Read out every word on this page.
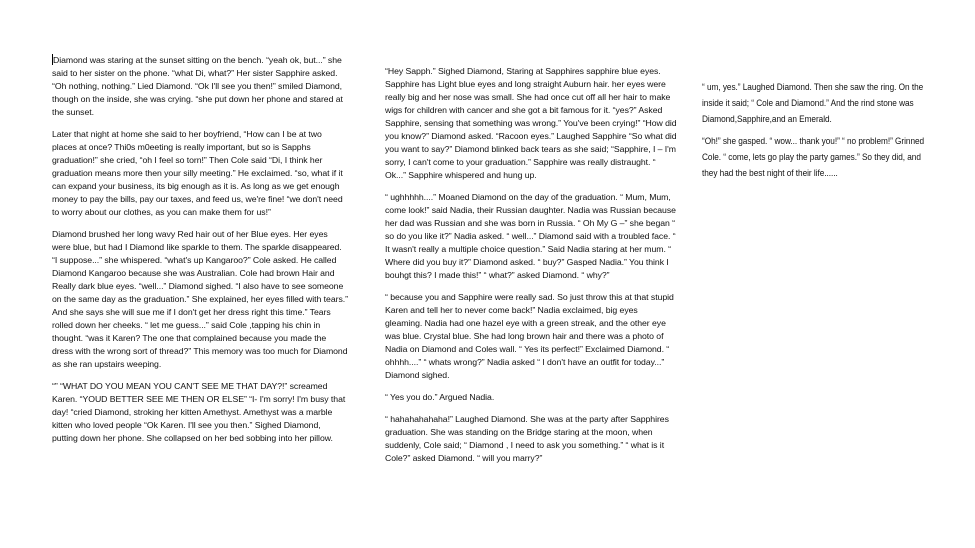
Diamond was staring at the sunset sitting on the bench. “yeah ok, but...” she said to her sister on the phone. “what Di, what?” Her sister Sapphire asked. “Oh nothing, nothing.” Lied Diamond. “Ok I'll see you then!” smiled Diamond, though on the inside, she was crying. “she put down her phone and stared at the sunset.

Later that night at home she said to her boyfriend, “How can I be at two places at once? Thi0s m0eeting is really important, but so is Sapphs graduation!” she cried, “oh I feel so torn!” Then Cole said “Di, I think her graduation means more then your silly meeting.” He exclaimed. “so, what if it can expand your business, its big enough as it is. As long as we get enough money to pay the bills, pay our taxes, and feed us, we're fine! “we don't need to worry about our clothes, as you can make them for us!”

Diamond brushed her long wavy Red hair out of her Blue eyes. Her eyes were blue, but had I Diamond like sparkle to them. The sparkle disappeared. “I suppose...” she whispered. “what's up Kangaroo?” Cole asked. He called Diamond Kangaroo because she was Australian. Cole had brown Hair and Really dark blue eyes. “well...” Diamond sighed. “I also have to see someone on the same day as the graduation.” She explained, her eyes filled with tears.” And she says she will sue me if I don't get her dress right this time.” Tears rolled down her cheeks. “ let me guess...” said Cole ,tapping his chin in thought. “was it Karen? The one that complained because you made the dress with the wrong sort of thread?” This memory was too much for Diamond as she ran upstairs weeping.

“” “WHAT DO YOU MEAN YOU CAN'T SEE ME THAT DAY?!” screamed Karen. “YOUD BETTER SEE ME THEN OR ELSE” “I- I'm sorry! I'm busy that day! “cried Diamond, stroking her kitten Amethyst. Amethyst was a marble kitten who loved people “Ok Karen. I'll see you then.” Sighed Diamond, putting down her phone. She collapsed on her bed sobbing into her pillow.

“Hey Sapph.” Sighed Diamond, Staring at Sapphires sapphire blue eyes. Sapphire has Light blue eyes and long straight Auburn hair. her eyes were really big and her nose was small. She had once cut off all her hair to make wigs for children with cancer and she got a bit famous for it. “yes?” Asked Sapphire, sensing that something was wrong.” You've been crying!” “How did you know?” Diamond asked. “Racoon eyes.” Laughed Sapphire “So what did you want to say?” Diamond blinked back tears as she said; “Sapphire, I – I'm sorry, I can't come to your graduation.” Sapphire was really distraught. “ Ok...” Sapphire whispered and hung up.

“ ughhhhh....” Moaned Diamond on the day of the graduation. “ Mum, Mum, come look!” said Nadia, their Russian daughter. Nadia was Russian because her dad was Russian and she was born in Russia. “ Oh My G –” she began “ so do you like it?” Nadia asked. “ well...” Diamond said with a troubled face. “ It wasn't really a multiple choice question.” Said Nadia staring at her mum. “ Where did you buy it?” Diamond asked. “ buy?” Gasped Nadia.” You think I bouhgt this? I made this!” “ what?” asked Diamond. “ why?”

“ because you and Sapphire were really sad. So just throw this at that stupid Karen and tell her to never come back!” Nadia exclaimed, big eyes gleaming. Nadia had one hazel eye with a green streak, and the other eye was blue. Crystal blue. She had long brown hair and there was a photo of Nadia on Diamond and Coles wall. “ Yes its perfect!” Exclaimed Diamond. “ ohhhh....” “ whats wrong?” Nadia asked “ I don't have an outfit for today...” Diamond sighed.

“ Yes you do.” Argued Nadia.

“ hahahahahaha!” Laughed Diamond. She was at the party after Sapphires graduation. She was standing on the Bridge staring at the moon, when suddenly, Cole said; “ Diamond , I need to ask you something.” “ what is it Cole?” asked Diamond. “ will you marry?”

“ um, yes.” Laughed Diamond. Then she saw the ring. On the inside it said; “ Cole and Diamond.” And the rind stone was Diamond,Sapphire,and an Emerald.

“Oh!” she gasped. “ wow... thank you!” “ no problem!” Grinned Cole. “ come, lets go play the party games.” So they did, and they had the best night of their life......
